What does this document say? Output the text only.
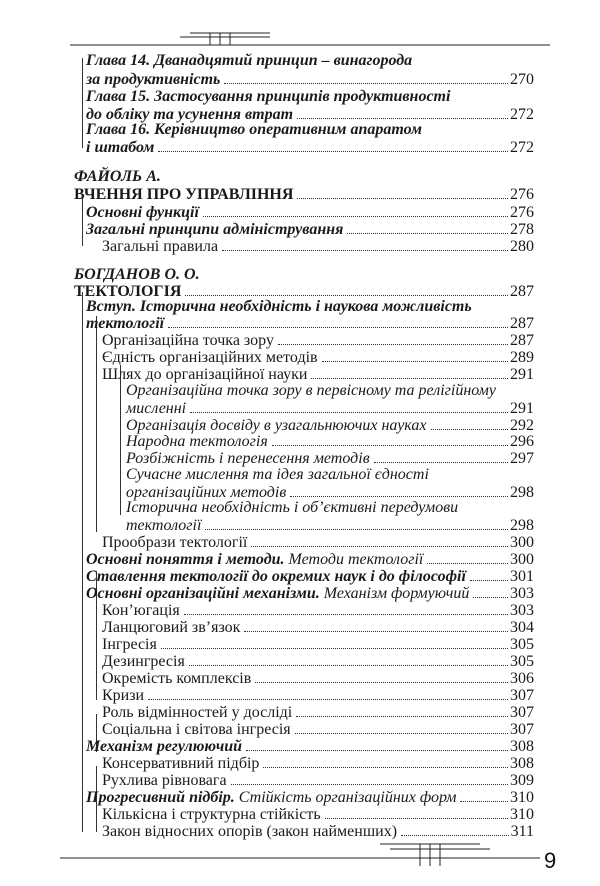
9
Глава 14. Дванадцятий принцип – винагорода
за продуктивність	270
Глава 15. Застосування принципів продуктивності
до обліку та усунення втрат	272
Глава 16. Керівництво оперативним апаратом
і штабом	272
ФАЙОЛЬ А.
ВЧЕННЯ ПРО УПРАВЛІННЯ	276
Основні функції	276
Загальні принципи адміністрування	278
Загальні правила	280
БОГДАНОВ О. О.
ТЕКТОЛОГІЯ	287
Вступ. Історична необхідність і наукова можливість
тектології	287
Організаційна точка зору	287
Єдність організаційних методів	289
Шлях до організаційної науки	291
Організаційна точка зору в первісному та релігійному
мисленні	291
Організація досвіду в узагальнюючих науках	292
Народна тектологія	296
Розбіжність і перенесення методів	297
Сучасне мислення та ідея загальної єдності
організаційних методів	298
Історична необхідність і об’єктивні передумови
тектології	298
Прообрази тектології	300
Основні поняття і методи. Методи тектології	300
Ставлення тектології до окремих наук і до філософії	301
Основні організаційні механізми. Механізм формуючий	303
Кон’югація	303
Ланцюговий зв’язок	304
Інгресія	305
Дезингресія	305
Окремість комплексів	306
Кризи	307
Роль відмінностей у досліді	307
Соціальна і світова інгресія	307
Механізм регулюючий	308
Консервативний підбір	308
Рухлива рівновага	309
Прогресивний підбір. Стійкість організаційних форм	310
Кількісна і структурна стійкість	310
Закон відносних опорів (закон найменших)	311
